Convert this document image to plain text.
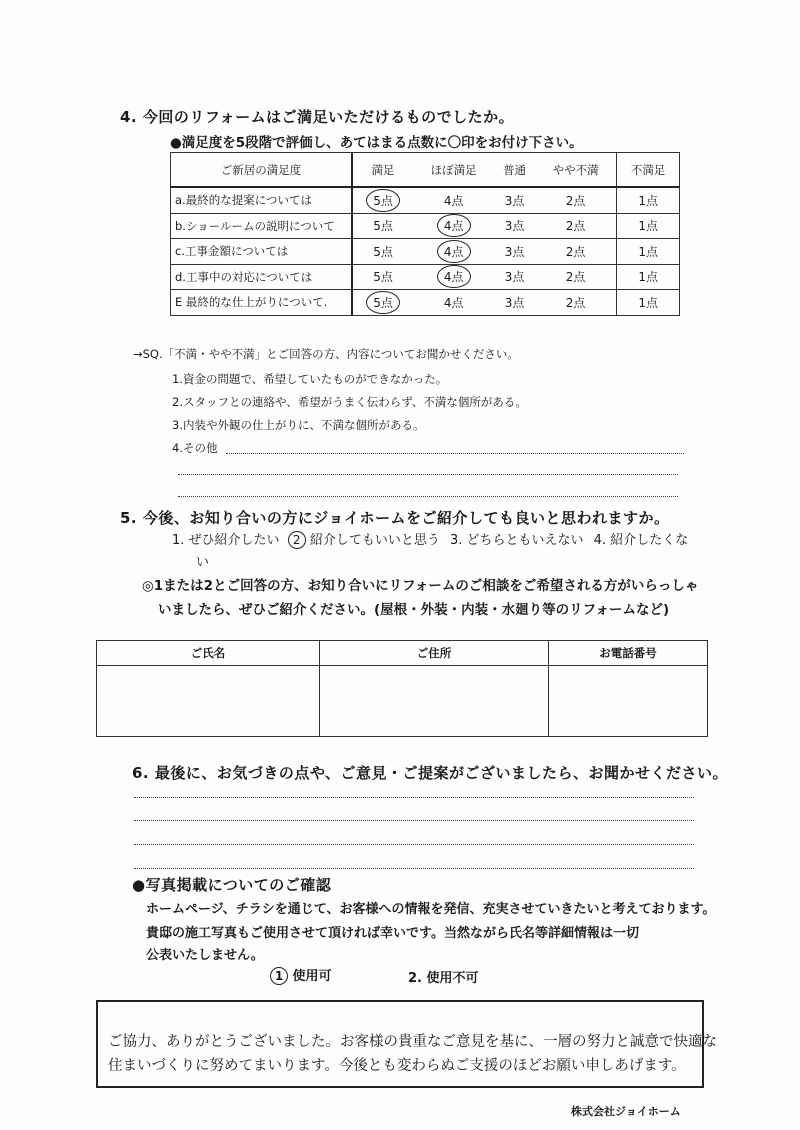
4. 今回のリフォームはご満足いただけるものでしたか。
●満足度を5段階で評価し、あてはまる点数に〇印をお付け下さい。
ご新居の満足度	満足	ほぼ満足	普通	やや不満	不満足
a.最終的な提案については	5点	4点	3点	2点	1点
b.ショールームの説明について	5点	4点	3点	2点	1点
c.工事金額については	5点	4点	3点	2点	1点
d.工事中の対応については	5点	4点	3点	2点	1点
E 最終的な仕上がりについて.	5点	4点	3点	2点	1点
→SQ.「不満・やや不満」とご回答の方、内容についてお聞かせください。
1.資金の問題で、希望していたものができなかった。
2.スタッフとの連絡や、希望がうまく伝わらず、不満な個所がある。
3.内装や外観の仕上がりに、不満な個所がある。
4.その他
5. 今後、お知り合いの方にジョイホームをご紹介しても良いと思われますか。
1. ぜひ紹介したい 2 紹介してもいいと思う 3. どちらともいえない 4. 紹介したくな
い
◎1または2とご回答の方、お知り合いにリフォームのご相談をご希望される方がいらっしゃ
いましたら、ぜひご紹介ください。(屋根・外装・内装・水廻り等のリフォームなど)
ご氏名	ご住所	お電話番号

6. 最後に、お気づきの点や、ご意見・ご提案がございましたら、お聞かせください。
●写真掲載についてのご確認
ホームページ、チラシを通じて、お客様への情報を発信、充実させていきたいと考えております。
貴邸の施工写真もご使用させて頂ければ幸いです。当然ながら氏名等詳細情報は一切
公表いたしません。
1 使用可	2. 使用不可
ご協力、ありがとうございました。お客様の貴重なご意見を基に、一層の努力と誠意で快適な
住まいづくりに努めてまいります。今後とも変わらぬご支援のほどお願い申しあげます。
株式会社ジョイホーム
